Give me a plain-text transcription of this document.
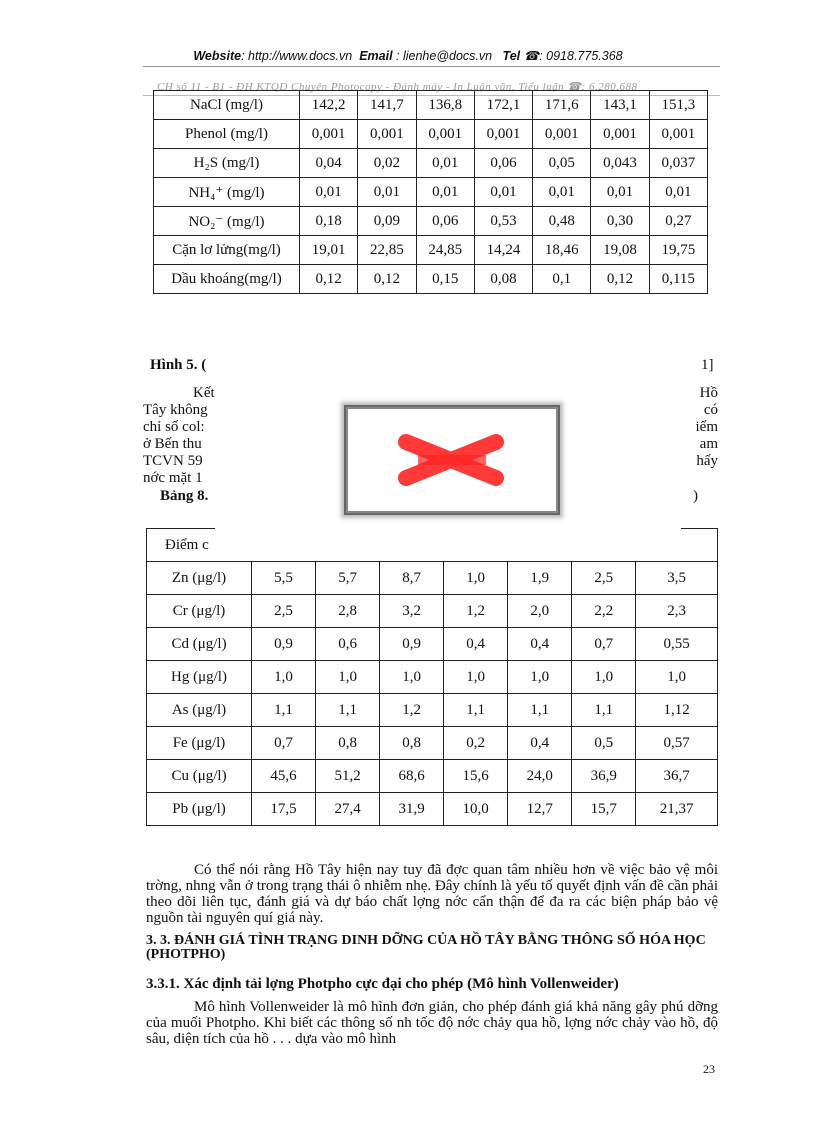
Website: http://www.docs.vn Email : lienhe@docs.vn Tel ☎: 0918.775.368
CH số 11 - B1 - ĐH KTQD Chuyên Photocopy - Đánh máy - In Luận văn, Tiểu luận ☎: 6.280.688
NaCl (mg/l)	142,2	141,7	136,8	172,1	171,6	143,1	151,3
Phenol (mg/l)	0,001	0,001	0,001	0,001	0,001	0,001	0,001
H₂S (mg/l)	0,04	0,02	0,01	0,06	0,05	0,043	0,037
NH₄⁺ (mg/l)	0,01	0,01	0,01	0,01	0,01	0,01	0,01
NO₂⁻ (mg/l)	0,18	0,09	0,06	0,53	0,48	0,30	0,27
Cặn lơ lửng(mg/l)	19,01	22,85	24,85	14,24	18,46	19,08	19,75
Dầu khoáng(mg/l)	0,12	0,12	0,15	0,08	0,1	0,12	0,115
Hình 5. (	1]
Kết	Hồ
Tây không	có
chỉ số col:	iểm
ở Bến thu	am
TCVN 59	hấy
nớc mặt 1
Bảng 8.	)
Điểm c							
Zn (μg/l)	5,5	5,7	8,7	1,0	1,9	2,5	3,5
Cr (μg/l)	2,5	2,8	3,2	1,2	2,0	2,2	2,3
Cd (μg/l)	0,9	0,6	0,9	0,4	0,4	0,7	0,55
Hg (μg/l)	1,0	1,0	1,0	1,0	1,0	1,0	1,0
As (μg/l)	1,1	1,1	1,2	1,1	1,1	1,1	1,12
Fe (μg/l)	0,7	0,8	0,8	0,2	0,4	0,5	0,57
Cu (μg/l)	45,6	51,2	68,6	15,6	24,0	36,9	36,7
Pb (μg/l)	17,5	27,4	31,9	10,0	12,7	15,7	21,37
Có thể nói rằng Hồ Tây hiện nay tuy đã đợc quan tâm nhiều hơn về việc bảo vệ môi trờng, nhng vẫn ở trong trạng thái ô nhiễm nhẹ. Đây chính là yếu tố quyết định vấn đề cần phải theo dõi liên tục, đánh giá và dự báo chất lợng nớc cẩn thận để đa ra các biện pháp bảo vệ nguồn tài nguyên quí giá này.
3. 3. ĐÁNH GIÁ TÌNH TRẠNG DINH DỠNG CỦA HỒ TÂY BẰNG THÔNG SỐ HÓA HỌC (PHOTPHO)
3.3.1. Xác định tải lợng Photpho cực đại cho phép (Mô hình Vollenweider)
Mô hình Vollenweider là mô hình đơn giản, cho phép đánh giá khả năng gây phú dỡng của muối Photpho. Khi biết các thông số nh tốc độ nớc chảy qua hồ, lợng nớc chảy vào hồ, độ sâu, diện tích của hồ . . . dựa vào mô hình
23
